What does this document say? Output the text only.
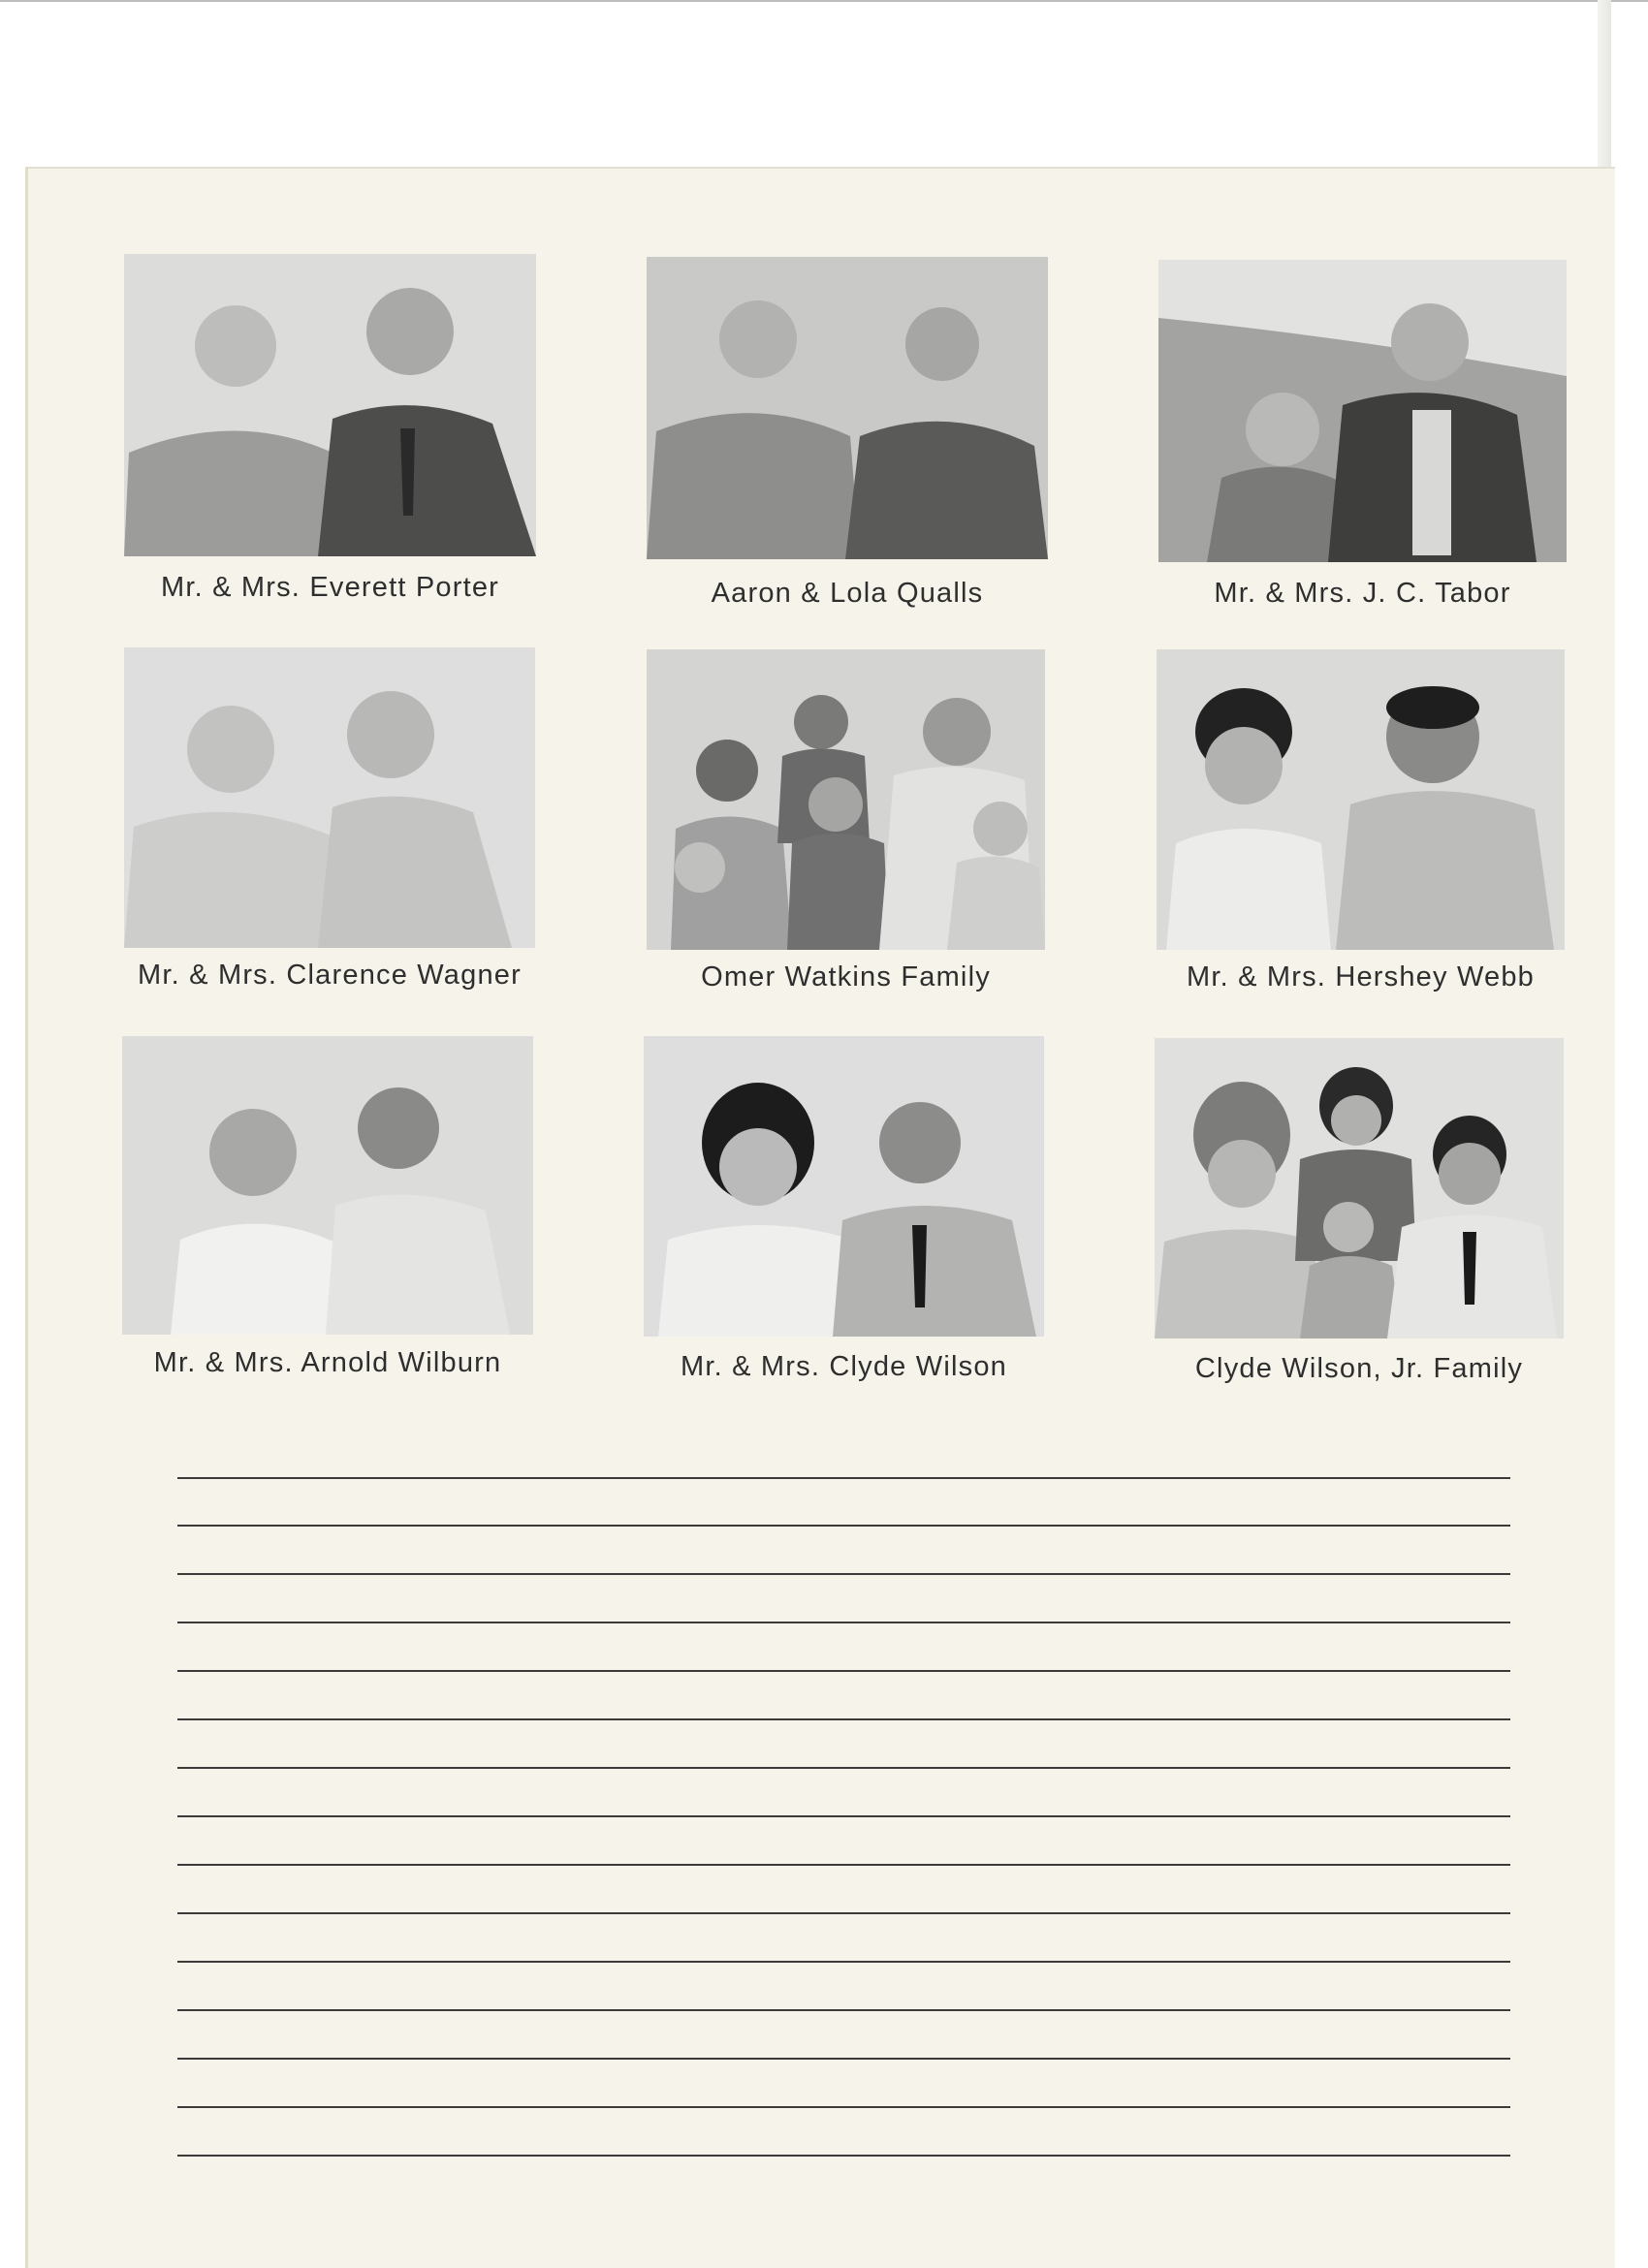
Mr. & Mrs. Everett Porter	Aaron & Lola Qualls	Mr. & Mrs. J. C. Tabor
Mr. & Mrs. Clarence Wagner	Omer Watkins Family	Mr. & Mrs. Hershey Webb
Mr. & Mrs. Arnold Wilburn	Mr. & Mrs. Clyde Wilson	Clyde Wilson, Jr. Family
